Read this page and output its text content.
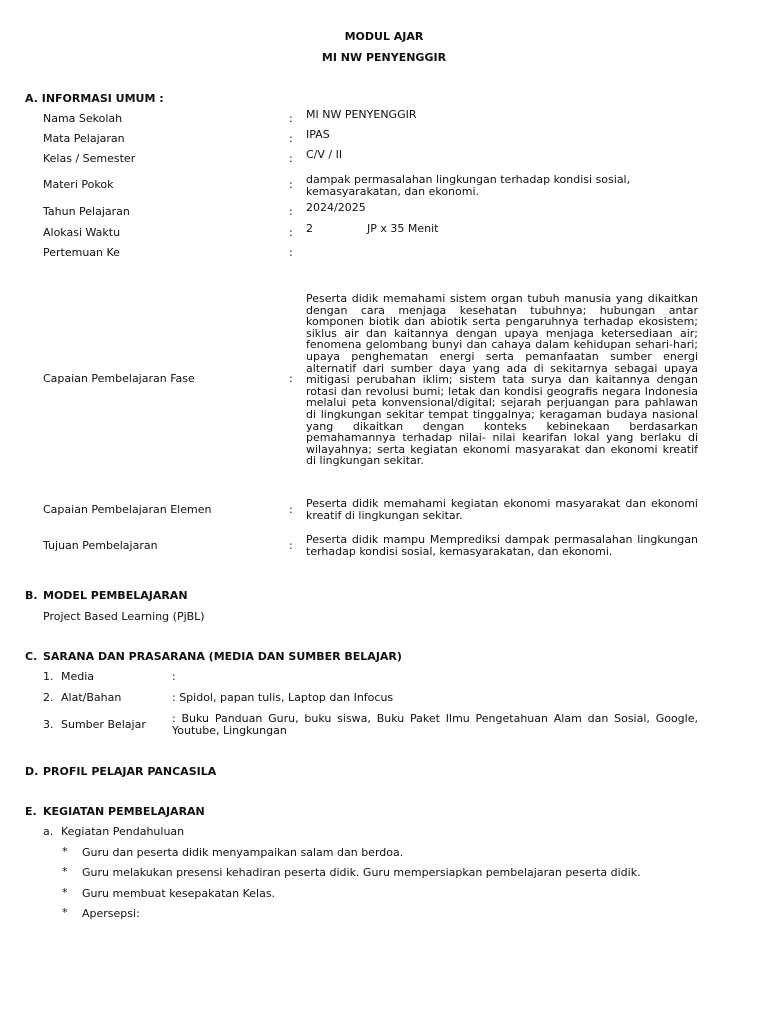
MODUL AJAR
MI NW PENYENGGIR
A. INFORMASI UMUM :
Nama Sekolah	: MI NW PENYENGGIR
Mata Pelajaran	: IPAS
Kelas / Semester	: C/V / II
Materi Pokok	: dampak permasalahan lingkungan terhadap kondisi sosial, kemasyarakatan, dan ekonomi.
Tahun Pelajaran	: 2024/2025
Alokasi Waktu	: 2	JP x 35 Menit
Pertemuan Ke	:
Capaian Pembelajaran Fase	:
Peserta didik memahami sistem organ tubuh manusia yang dikaitkan
dengan cara menjaga kesehatan tubuhnya; hubungan antar
komponen biotik dan abiotik serta pengaruhnya terhadap ekosistem;
siklus air dan kaitannya dengan upaya menjaga ketersediaan air;
fenomena gelombang bunyi dan cahaya dalam kehidupan sehari-hari;
upaya penghematan energi serta pemanfaatan sumber energi
alternatif dari sumber daya yang ada di sekitarnya sebagai upaya
mitigasi perubahan iklim; sistem tata surya dan kaitannya dengan
rotasi dan revolusi bumi; letak dan kondisi geografis negara Indonesia
melalui peta konvensional/digital; sejarah perjuangan para pahlawan
di lingkungan sekitar tempat tinggalnya; keragaman budaya nasional
yang dikaitkan dengan konteks kebinekaan berdasarkan
pemahamannya terhadap nilai- nilai kearifan lokal yang berlaku di
wilayahnya; serta kegiatan ekonomi masyarakat dan ekonomi kreatif
di lingkungan sekitar.
Capaian Pembelajaran Elemen	: Peserta didik memahami kegiatan ekonomi masyarakat dan ekonomi kreatif di lingkungan sekitar.
Tujuan Pembelajaran	: Peserta didik mampu Memprediksi dampak permasalahan lingkungan terhadap kondisi sosial, kemasyarakatan, dan ekonomi.
B. MODEL PEMBELAJARAN
Project Based Learning (PjBL)
C. SARANA DAN PRASARANA (MEDIA DAN SUMBER BELAJAR)
1. Media	:
2. Alat/Bahan	: Spidol, papan tulis, Laptop dan Infocus
3. Sumber Belajar : Buku Panduan Guru, buku siswa, Buku Paket Ilmu Pengetahuan Alam dan Sosial, Google, Youtube, Lingkungan
D. PROFIL PELAJAR PANCASILA
E. KEGIATAN PEMBELAJARAN
a. Kegiatan Pendahuluan
* Guru dan peserta didik menyampaikan salam dan berdoa.
* Guru melakukan presensi kehadiran peserta didik. Guru mempersiapkan pembelajaran peserta didik.
* Guru membuat kesepakatan Kelas.
* Apersepsi:
